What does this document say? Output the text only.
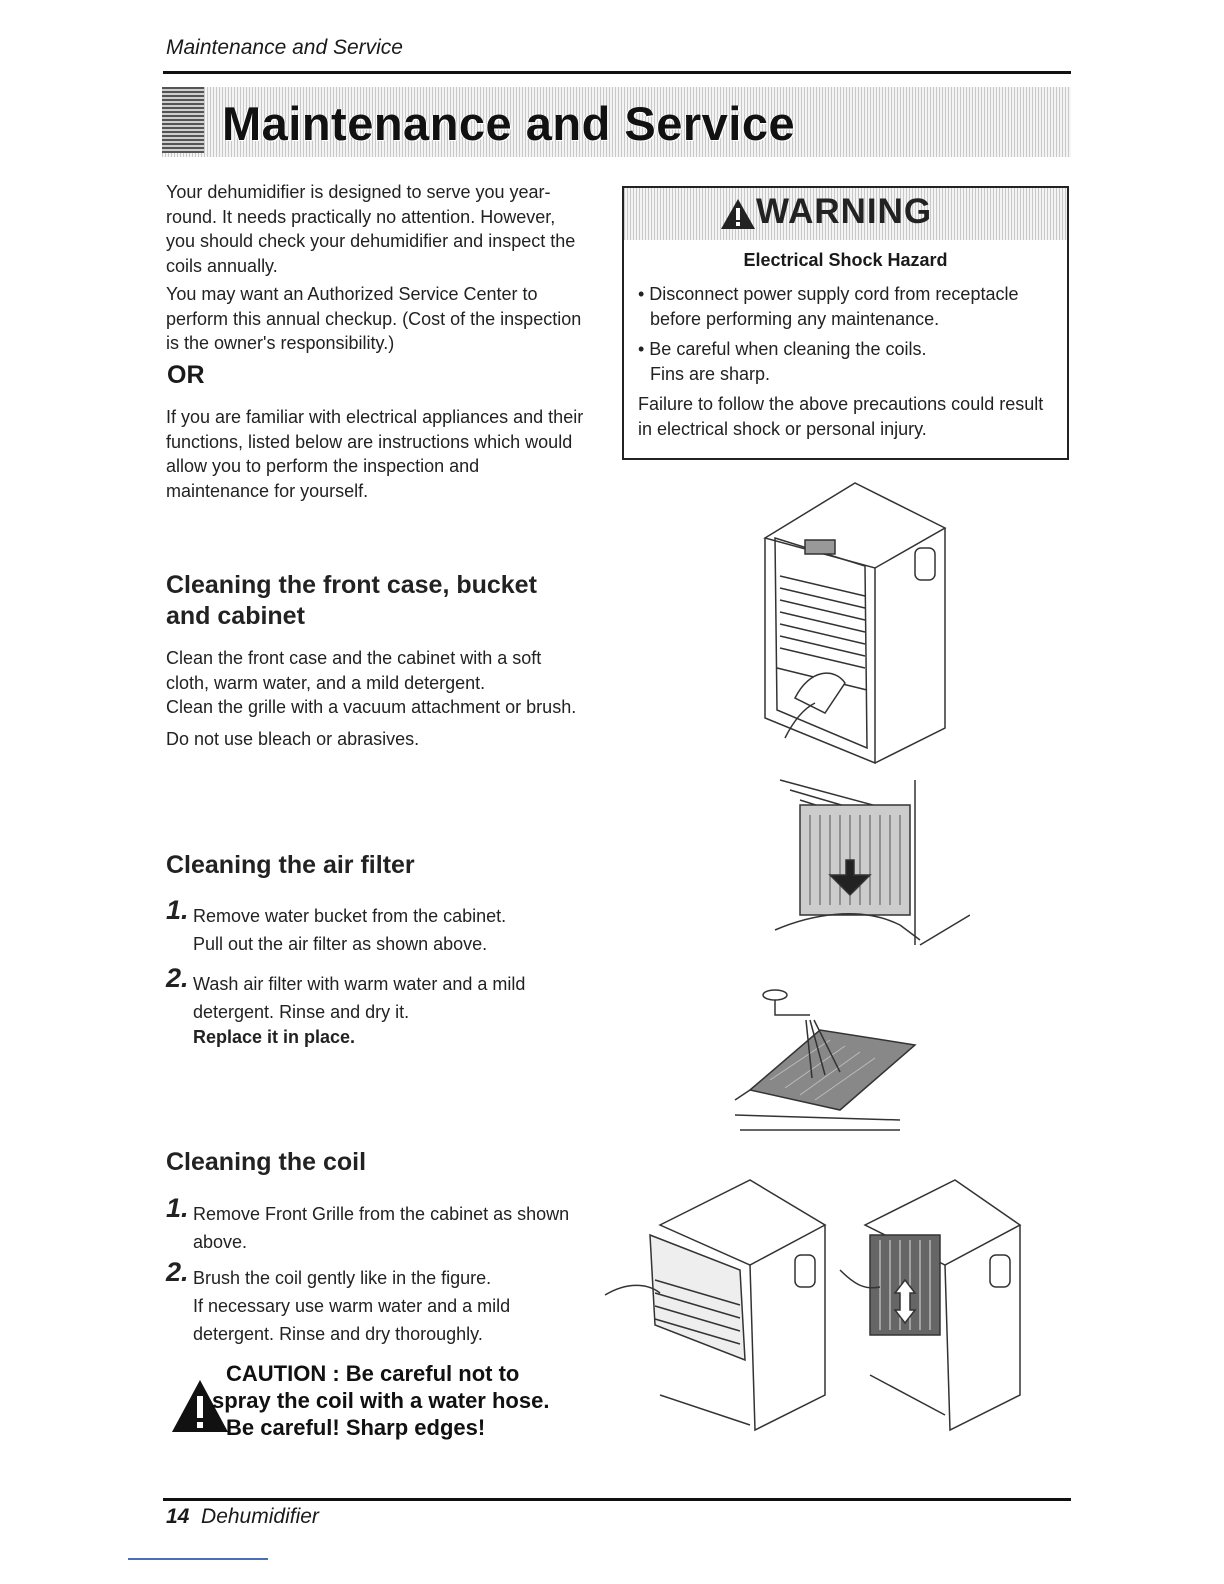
Maintenance and Service
Maintenance and Service
Your dehumidifier is designed to serve you year-
round. It needs practically no attention. However,
you should check your dehumidifier and inspect the
coils annually.
You may want an Authorized Service Center to
perform this annual checkup. (Cost of the inspection
is the owner's responsibility.)
OR
If you are familiar with electrical appliances and their
functions, listed below are instructions which would
allow you to perform the inspection and
maintenance for yourself.
WARNING
Electrical Shock Hazard
• Disconnect power supply cord from receptacle
before performing any maintenance.
• Be careful when cleaning the coils.
Fins are sharp.
Failure to follow the above precautions could result
in electrical shock or personal injury.
Cleaning the front case, bucket
and cabinet
Clean the front case and the cabinet with a soft
cloth, warm water, and a mild detergent.
Clean the grille with a vacuum attachment or brush.
Do not use bleach or abrasives.
Cleaning the air filter
1. Remove water bucket from the cabinet.
Pull out the air filter as shown above.
2. Wash air filter with warm water and a mild
detergent. Rinse and dry it.
Replace it in place.
Cleaning the coil
1. Remove Front Grille from the cabinet as shown
above.
2. Brush the coil gently like in the figure.
If necessary use warm water and a mild
detergent. Rinse and dry thoroughly.
CAUTION : Be careful not to
spray the coil with a water hose.
Be careful! Sharp edges!
14 Dehumidifier
